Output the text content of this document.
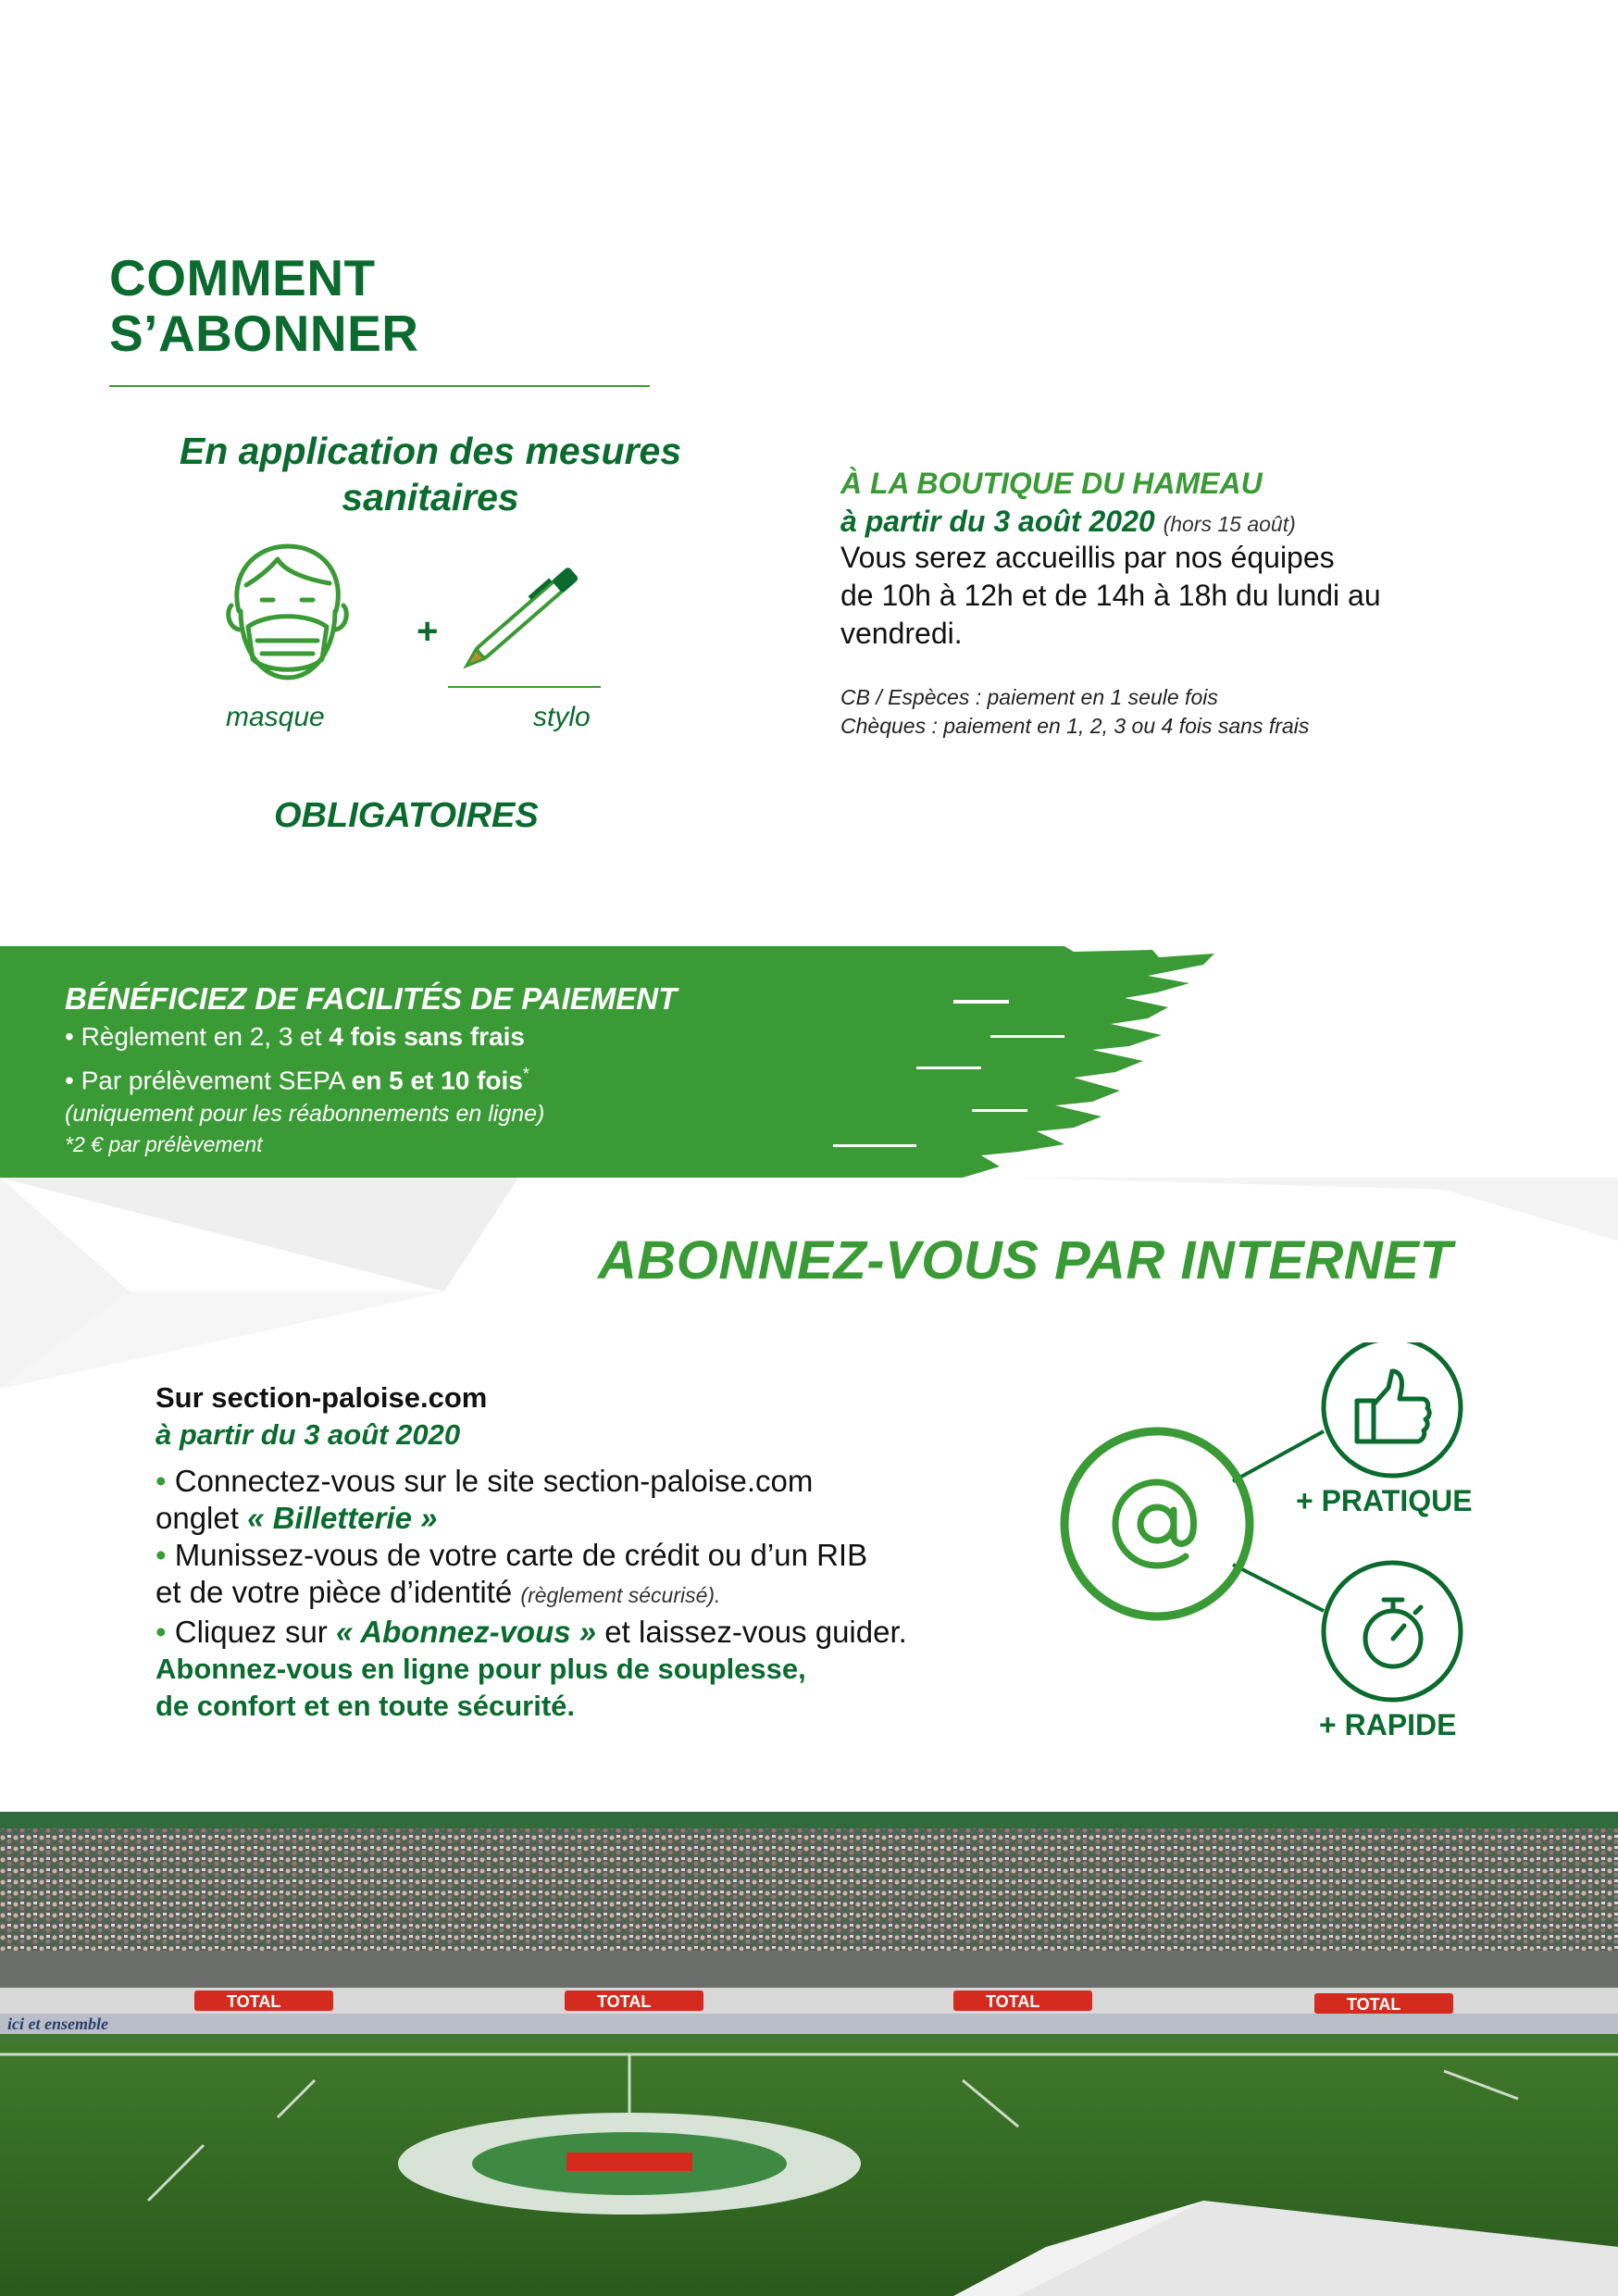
COMMENT
S’ABONNER
En application des mesures
sanitaires
+
masque	stylo
OBLIGATOIRES
À LA BOUTIQUE DU HAMEAU
à partir du 3 août 2020 (hors 15 août)
Vous serez accueillis par nos équipes
de 10h à 12h et de 14h à 18h du lundi au
vendredi.
CB / Espèces : paiement en 1 seule fois
Chèques : paiement en 1, 2, 3 ou 4 fois sans frais
BÉNÉFICIEZ DE FACILITÉS DE PAIEMENT
• Règlement en 2, 3 et 4 fois sans frais
• Par prélèvement SEPA en 5 et 10 fois*
(uniquement pour les réabonnements en ligne)
*2 € par prélèvement
ABONNEZ-VOUS PAR INTERNET
Sur section-paloise.com
à partir du 3 août 2020
• Connectez-vous sur le site section-paloise.com
onglet « Billetterie »
• Munissez-vous de votre carte de crédit ou d’un RIB
et de votre pièce d’identité (règlement sécurisé).
• Cliquez sur « Abonnez-vous » et laissez-vous guider.
Abonnez-vous en ligne pour plus de souplesse,
de confort et en toute sécurité.
+ PRATIQUE
+ RAPIDE
TOTAL	TOTAL	TOTAL	TOTAL
ici et ensemble
